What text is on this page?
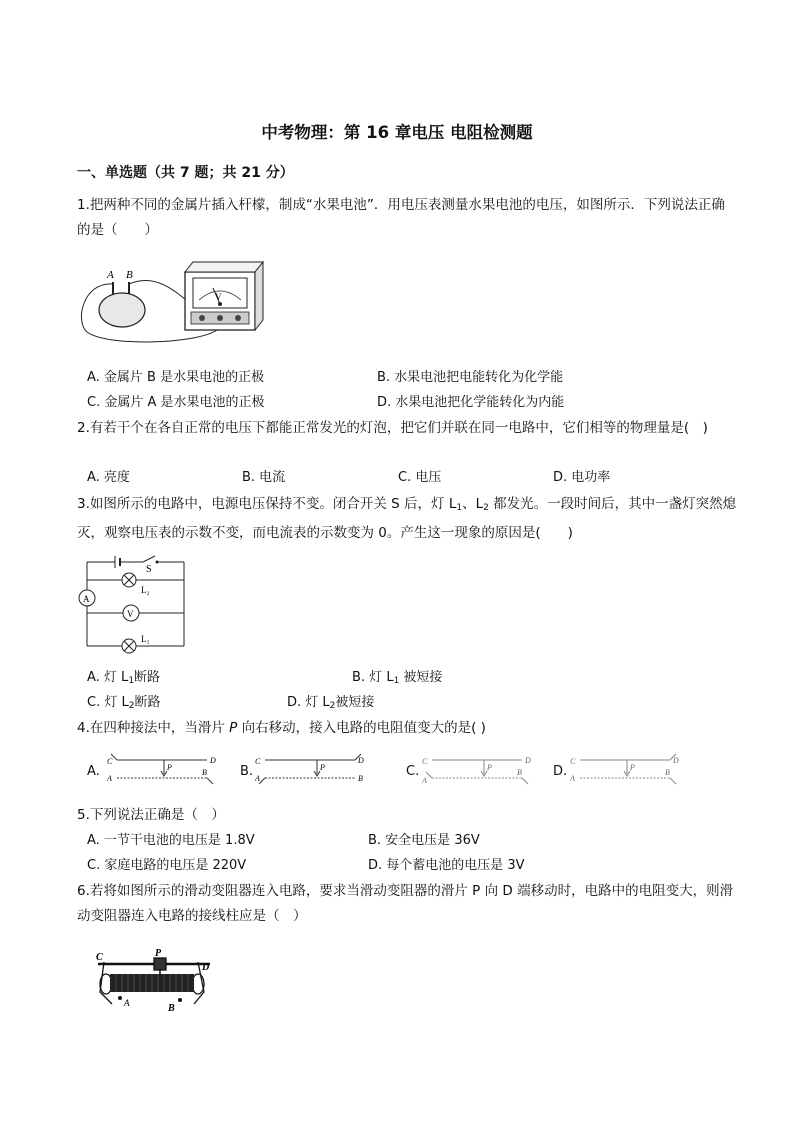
中考物理：第 16 章电压 电阻检测题
一、单选题（共 7 题；共 21 分）
1.把两种不同的金属片插入杆檬，制成“水果电池”．用电压表测量水果电池的电压，如图所示．下列说法正确的是（　　）
A B
V
A. 金属片 B 是水果电池的正极	B. 水果电池把电能转化为化学能
C. 金属片 A 是水果电池的正极	D. 水果电池把化学能转化为内能
2.有若干个在各自正常的电压下都能正常发光的灯泡，把它们并联在同一电路中，它们相等的物理量是(　)
A. 亮度	B. 电流	C. 电压	D. 电功率
3.如图所示的电路中，电源电压保持不变。闭合开关 S 后，灯 $L_1$、$L_2$ 都发光。一段时间后，其中一盏灯突然熄灭，观察电压表的示数不变，而电流表的示数变为 0。产生这一现象的原因是(　　)
S
L₂
L₁
A
V
A. 灯 $L_1$断路	B. 灯 $L_1$ 被短接
C. 灯 $L_2$断路	D. 灯 $L_2$被短接
4.在四种接法中，当滑片 P 向右移动，接入电路的电阻值变大的是( )
A.
C	D
A
B
P	B.
C	D
A	B
P	C.
C	D
A
B
P	D.
C	D
A
B
P
5.下列说法正确是（　）
A. 一节干电池的电压是 1.8V	B. 安全电压是 36V
C. 家庭电路的电压是 220V	D. 每个蓄电池的电压是 3V
6.若将如图所示的滑动变阻器连入电路，要求当滑动变阻器的滑片 P 向 D 端移动时，电路中的电阻变大，则滑动变阻器连入电路的接线柱应是（　）
C	P
D
A	B
